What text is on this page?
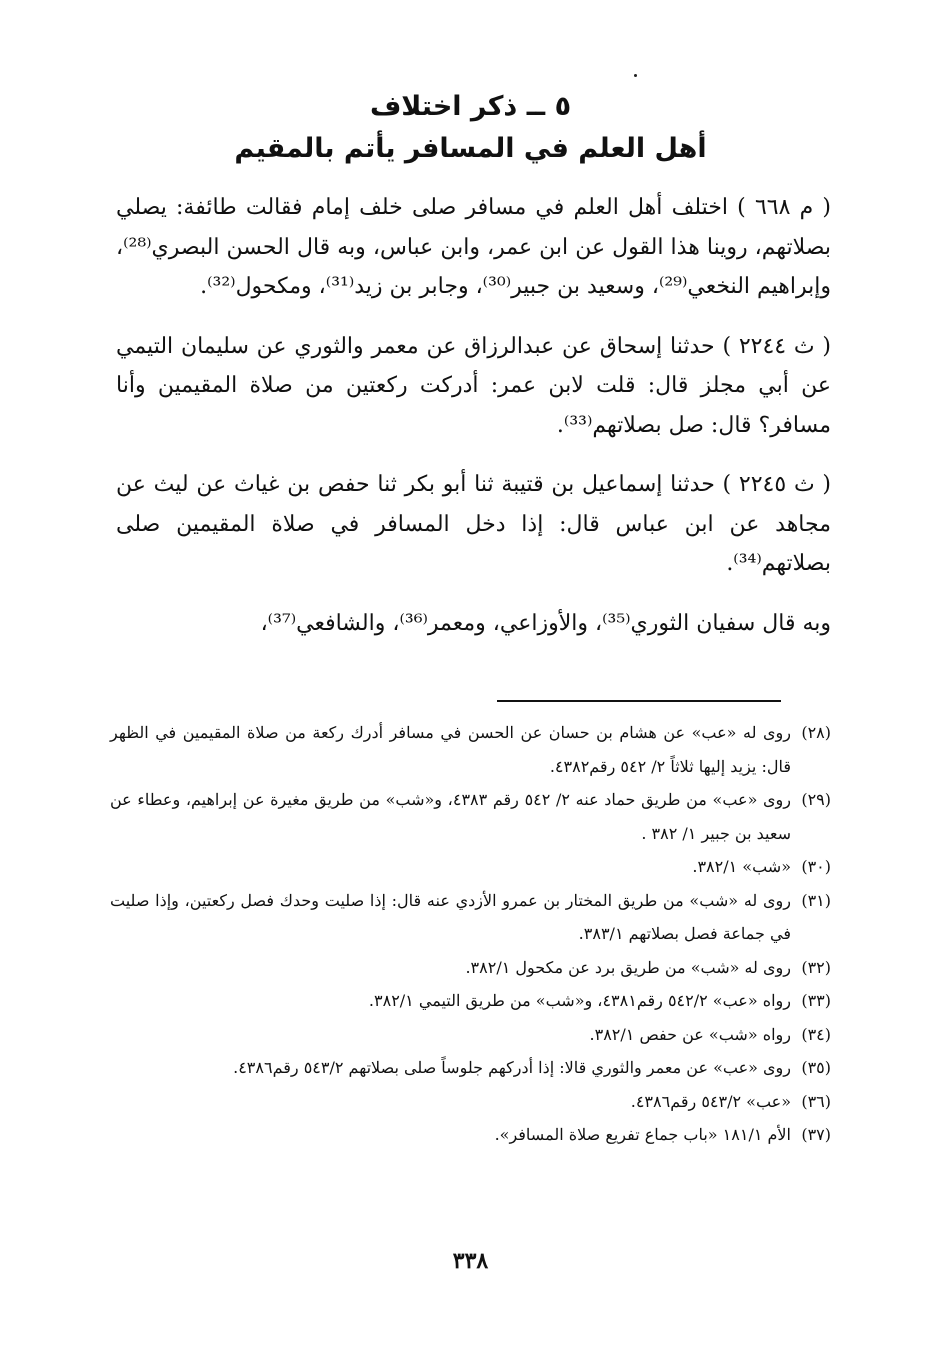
٥ ــ ذكر اختلاف
أهل العلم في المسافر يأتم بالمقيم

( م ٦٦٨ ) اختلف أهل العلم في مسافر صلى خلف إمام فقالت طائفة: يصلي بصلاتهم، روينا هذا القول عن ابن عمر، وابن عباس، وبه قال الحسن البصري⁽²⁸⁾، وإبراهيم النخعي⁽²⁹⁾، وسعيد بن جبير⁽³⁰⁾، وجابر بن زيد⁽³¹⁾، ومكحول⁽³²⁾.

( ث ٢٢٤٤ ) حدثنا إسحاق عن عبدالرزاق عن معمر والثوري عن سليمان التيمي عن أبي مجلز قال: قلت لابن عمر: أدركت ركعتين من صلاة المقيمين وأنا مسافر؟ قال: صل بصلاتهم⁽³³⁾.

( ث ٢٢٤٥ ) حدثنا إسماعيل بن قتيبة ثنا أبو بكر ثنا حفص بن غياث عن ليث عن مجاهد عن ابن عباس قال: إذا دخل المسافر في صلاة المقيمين صلى بصلاتهم⁽³⁴⁾.

وبه قال سفيان الثوري⁽³⁵⁾، والأوزاعي، ومعمر⁽³⁶⁾، والشافعي⁽³⁷⁾،

(٢٨)
روى له «عب» عن هشام بن حسان عن الحسن في مسافر أدرك ركعة من صلاة المقيمين في الظهر قال: يزيد إليها ثلاثاً ٢/ ٥٤٢ رقم٤٣٨٢.
(٢٩)
روى «عب» من طريق حماد عنه ٢/ ٥٤٢ رقم ٤٣٨٣، و«شب» من طريق مغيرة عن إبراهيم، وعطاء عن سعيد بن جبير ١/ ٣٨٢ .
(٣٠)
«شب» ٣٨٢/١.
(٣١)
روى له «شب» من طريق المختار بن عمرو الأزدي عنه قال: إذا صليت وحدك فصل ركعتين، وإذا صليت في جماعة فصل بصلاتهم ٣٨٣/١.
(٣٢)
روى له «شب» من طريق برد عن مكحول ٣٨٢/١.
(٣٣)
رواه «عب» ٥٤٢/٢ رقم٤٣٨١، و«شب» من طريق التيمي ٣٨٢/١.
(٣٤)
رواه «شب» عن حفص ٣٨٢/١.
(٣٥)
روى «عب» عن معمر والثوري قالا: إذا أدركهم جلوساً صلى بصلاتهم ٥٤٣/٢ رقم٤٣٨٦.
(٣٦)
«عب» ٥٤٣/٢ رقم٤٣٨٦.
(٣٧)
الأم ١٨١/١ «باب جماع تفريع صلاة المسافر».
٣٣٨
